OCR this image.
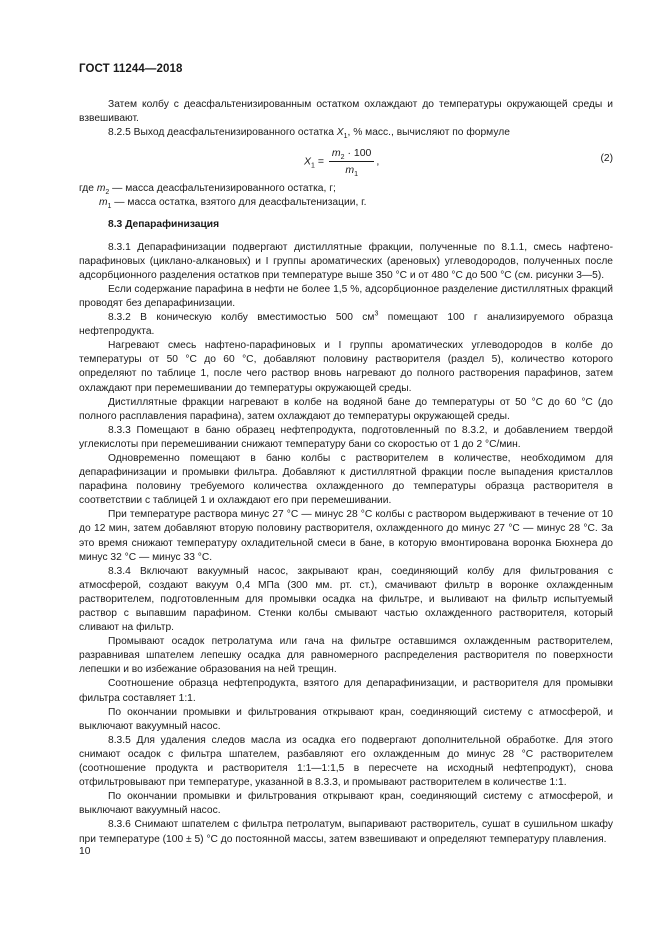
ГОСТ 11244—2018

Затем колбу с деасфальтенизированным остатком охлаждают до температуры окружающей среды и взвешивают.

8.2.5 Выход деасфальтенизированного остатка $X_1$, % масс., вычисляют по формуле

$X_1 = \frac{m_2 \cdot 100}{m_1}$ ,	(2)

где $m_2$ — масса деасфальтенизированного остатка, г;

$m_1$ — масса остатка, взятого для деасфальтенизации, г.

8.3 Депарафинизация

8.3.1 Депарафинизации подвергают дистиллятные фракции, полученные по 8.1.1, смесь нафтено-парафиновых (циклано-алкановых) и I группы ароматических (ареновых) углеводородов, полученных после адсорбционного разделения остатков при температуре выше 350 °С и от 480 °С до 500 °С (см. рисунки 3—5).

Если содержание парафина в нефти не более 1,5 %, адсорбционное разделение дистиллятных фракций проводят без депарафинизации.

8.3.2 В коническую колбу вместимостью 500 $см^3$ помещают 100 г анализируемого образца нефтепродукта.

Нагревают смесь нафтено-парафиновых и I группы ароматических углеводородов в колбе до температуры от 50 °С до 60 °С, добавляют половину растворителя (раздел 5), количество которого определяют по таблице 1, после чего раствор вновь нагревают до полного растворения парафинов, затем охлаждают при перемешивании до температуры окружающей среды.

Дистиллятные фракции нагревают в колбе на водяной бане до температуры от 50 °С до 60 °С (до полного расплавления парафина), затем охлаждают до температуры окружающей среды.

8.3.3 Помещают в баню образец нефтепродукта, подготовленный по 8.3.2, и добавлением твердой углекислоты при перемешивании снижают температуру бани со скоростью от 1 до 2 °С/мин.

Одновременно помещают в баню колбы с растворителем в количестве, необходимом для депарафинизации и промывки фильтра. Добавляют к дистиллятной фракции после выпадения кристаллов парафина половину требуемого количества охлажденного до температуры образца растворителя в соответствии с таблицей 1 и охлаждают его при перемешивании.

При температуре раствора минус 27 °С — минус 28 °С колбы с раствором выдерживают в течение от 10 до 12 мин, затем добавляют вторую половину растворителя, охлажденного до минус 27 °С — минус 28 °С. За это время снижают температуру охладительной смеси в бане, в которую вмонтирована воронка Бюхнера до минус 32 °С — минус 33 °С.

8.3.4 Включают вакуумный насос, закрывают кран, соединяющий колбу для фильтрования с атмосферой, создают вакуум 0,4 МПа (300 мм. рт. ст.), смачивают фильтр в воронке охлажденным растворителем, подготовленным для промывки осадка на фильтре, и выливают на фильтр испытуемый раствор с выпавшим парафином. Стенки колбы смывают частью охлажденного растворителя, который сливают на фильтр.

Промывают осадок петролатума или гача на фильтре оставшимся охлажденным растворителем, разравнивая шпателем лепешку осадка для равномерного распределения растворителя по поверхности лепешки и во избежание образования на ней трещин.

Соотношение образца нефтепродукта, взятого для депарафинизации, и растворителя для промывки фильтра составляет 1:1.

По окончании промывки и фильтрования открывают кран, соединяющий систему с атмосферой, и выключают вакуумный насос.

8.3.5 Для удаления следов масла из осадка его подвергают дополнительной обработке. Для этого снимают осадок с фильтра шпателем, разбавляют его охлажденным до минус 28 °С растворителем (соотношение продукта и растворителя 1:1—1:1,5 в пересчете на исходный нефтепродукт), снова отфильтровывают при температуре, указанной в 8.3.3, и промывают растворителем в количестве 1:1.

По окончании промывки и фильтрования открывают кран, соединяющий систему с атмосферой, и выключают вакуумный насос.

8.3.6 Снимают шпателем с фильтра петролатум, выпаривают растворитель, сушат в сушильном шкафу при температуре (100 ± 5) °С до постоянной массы, затем взвешивают и определяют температуру плавления.

10
